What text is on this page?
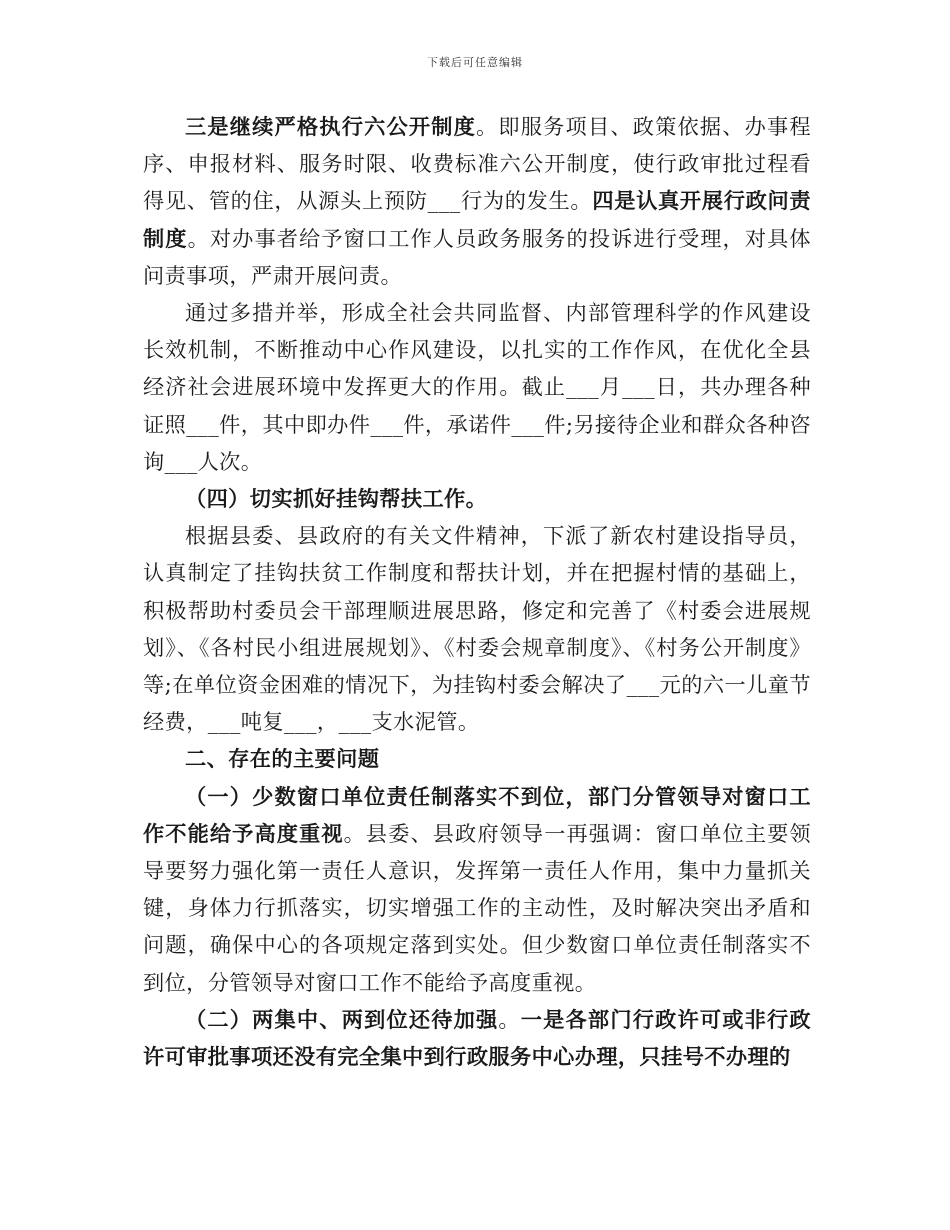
下载后可任意编辑

三是继续严格执行六公开制度。即服务项目、政策依据、办事程序、申报材料、服务时限、收费标准六公开制度，使行政审批过程看得见、管的住，从源头上预防___行为的发生。四是认真开展行政问责制度。对办事者给予窗口工作人员政务服务的投诉进行受理，对具体问责事项，严肃开展问责。

通过多措并举，形成全社会共同监督、内部管理科学的作风建设长效机制，不断推动中心作风建设，以扎实的工作作风，在优化全县经济社会进展环境中发挥更大的作用。截止___月___日，共办理各种证照___件，其中即办件___件，承诺件___件;另接待企业和群众各种咨询___人次。

（四）切实抓好挂钩帮扶工作。

根据县委、县政府的有关文件精神，下派了新农村建设指导员，认真制定了挂钩扶贫工作制度和帮扶计划，并在把握村情的基础上，积极帮助村委员会干部理顺进展思路，修定和完善了《村委会进展规划》、《各村民小组进展规划》、《村委会规章制度》、《村务公开制度》等;在单位资金困难的情况下，为挂钩村委会解决了___元的六一儿童节经费，___吨复___，___支水泥管。

二、存在的主要问题

（一）少数窗口单位责任制落实不到位，部门分管领导对窗口工作不能给予高度重视。县委、县政府领导一再强调：窗口单位主要领导要努力强化第一责任人意识，发挥第一责任人作用，集中力量抓关键，身体力行抓落实，切实增强工作的主动性，及时解决突出矛盾和问题，确保中心的各项规定落到实处。但少数窗口单位责任制落实不到位，分管领导对窗口工作不能给予高度重视。

（二）两集中、两到位还待加强。一是各部门行政许可或非行政许可审批事项还没有完全集中到行政服务中心办理，只挂号不办理的
